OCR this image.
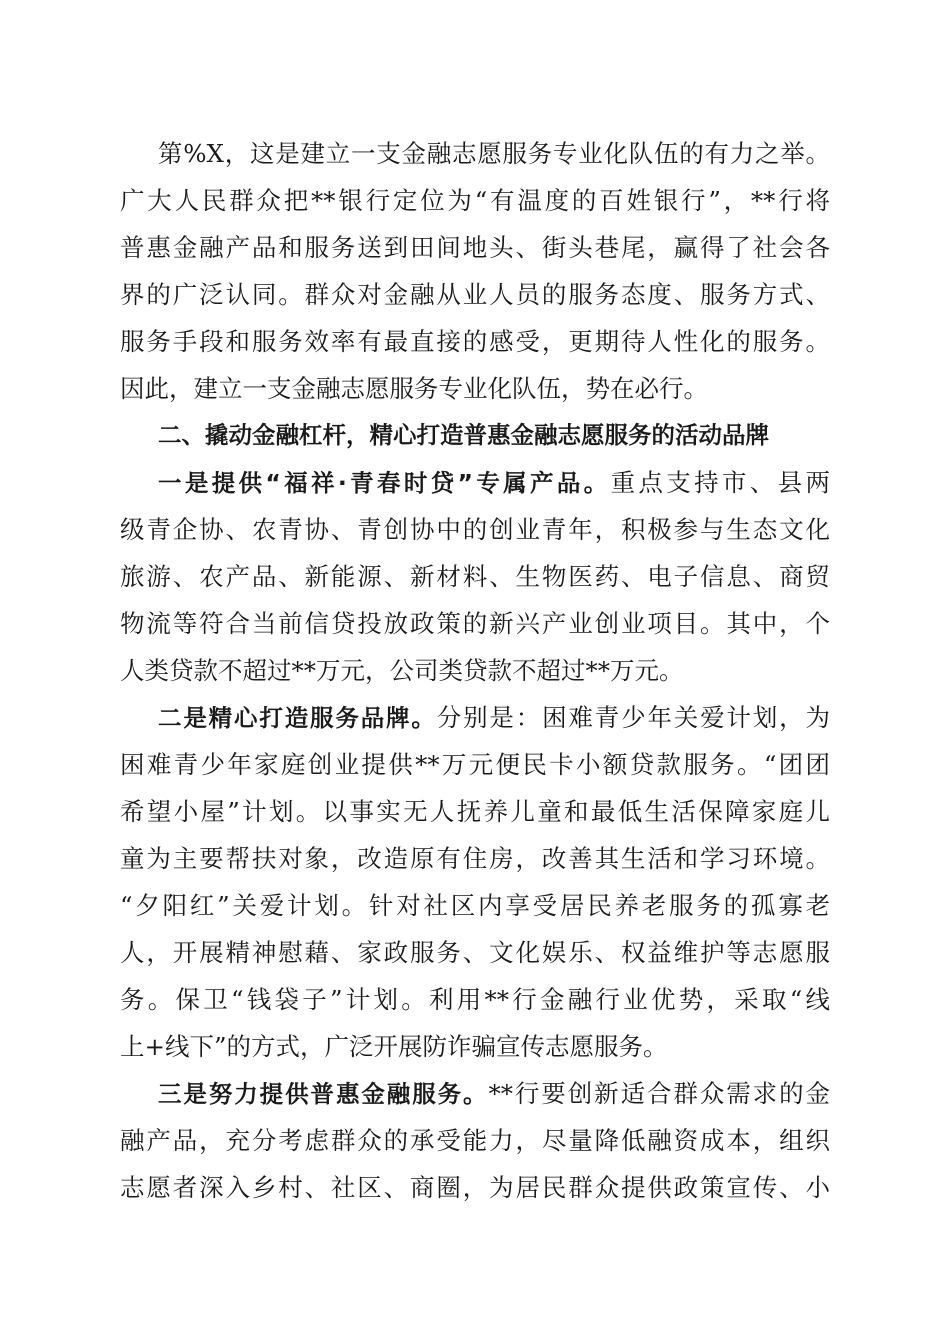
第%X，这是建立一支金融志愿服务专业化队伍的有力之举。
广大人民群众把**银行定位为“有温度的百姓银行”，**行将
普惠金融产品和服务送到田间地头、街头巷尾，赢得了社会各
界的广泛认同。群众对金融从业人员的服务态度、服务方式、
服务手段和服务效率有最直接的感受，更期待人性化的服务。
因此，建立一支金融志愿服务专业化队伍，势在必行。
二、撬动金融杠杆，精心打造普惠金融志愿服务的活动品牌
一是提供“福祥·青春时贷”专属产品。重点支持市、县两
级青企协、农青协、青创协中的创业青年，积极参与生态文化
旅游、农产品、新能源、新材料、生物医药、电子信息、商贸
物流等符合当前信贷投放政策的新兴产业创业项目。其中，个
人类贷款不超过**万元，公司类贷款不超过**万元。
二是精心打造服务品牌。分别是：困难青少年关爱计划，为
困难青少年家庭创业提供**万元便民卡小额贷款服务。“团团
希望小屋”计划。以事实无人抚养儿童和最低生活保障家庭儿
童为主要帮扶对象，改造原有住房，改善其生活和学习环境。
“夕阳红”关爱计划。针对社区内享受居民养老服务的孤寡老
人，开展精神慰藉、家政服务、文化娱乐、权益维护等志愿服
务。保卫“钱袋子”计划。利用**行金融行业优势，采取“线
上+线下”的方式，广泛开展防诈骗宣传志愿服务。
三是努力提供普惠金融服务。**行要创新适合群众需求的金
融产品，充分考虑群众的承受能力，尽量降低融资成本，组织
志愿者深入乡村、社区、商圈，为居民群众提供政策宣传、小
